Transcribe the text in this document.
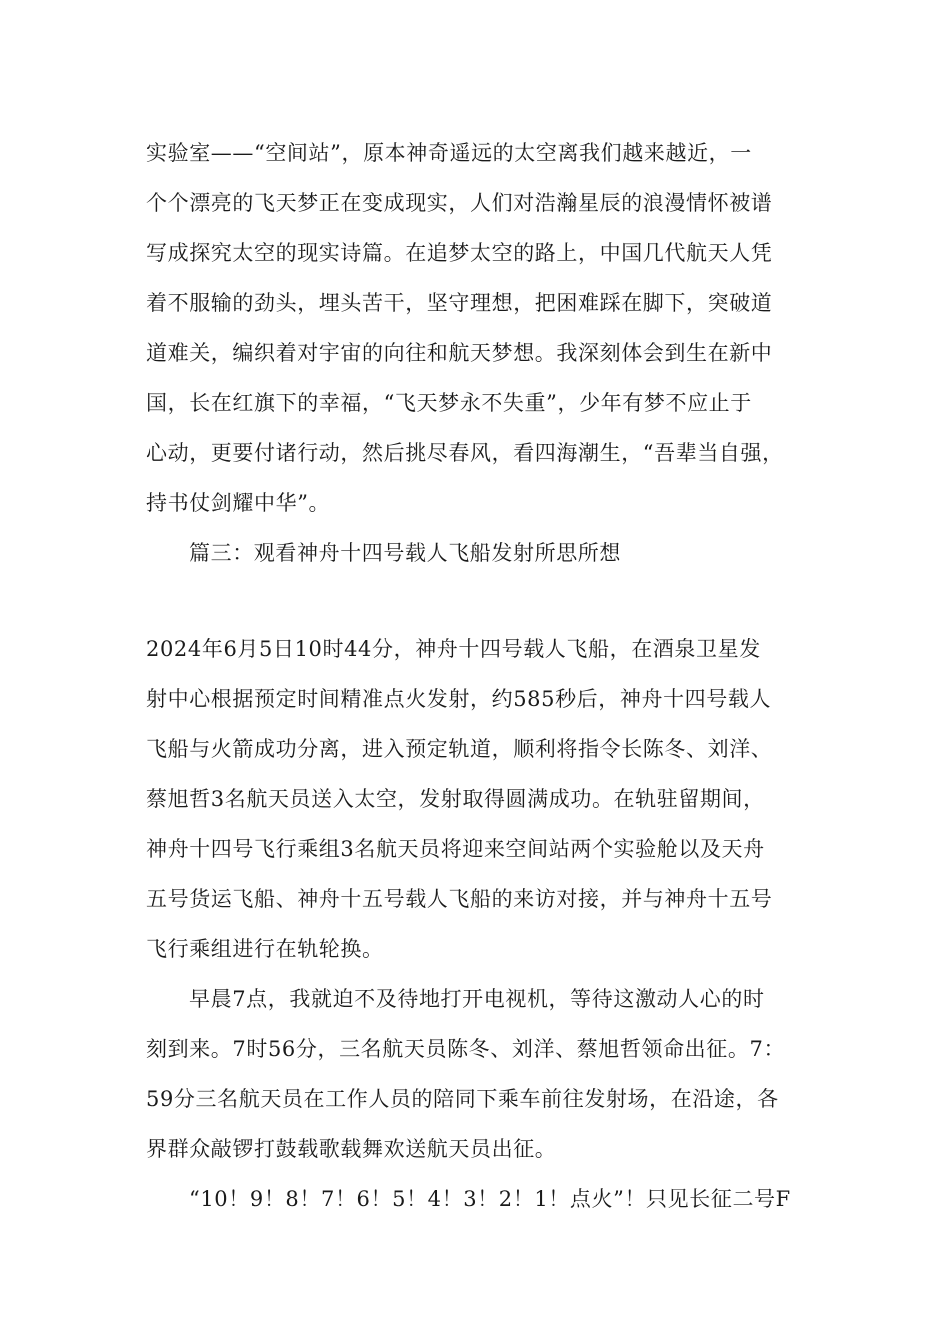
实验室——“空间站”，原本神奇遥远的太空离我们越来越近，一
个个漂亮的飞天梦正在变成现实，人们对浩瀚星辰的浪漫情怀被谱
写成探究太空的现实诗篇。在追梦太空的路上，中国几代航天人凭
着不服输的劲头，埋头苦干，坚守理想，把困难踩在脚下，突破道
道难关，编织着对宇宙的向往和航天梦想。我深刻体会到生在新中
国，长在红旗下的幸福，“飞天梦永不失重”，少年有梦不应止于
心动，更要付诸行动，然后挑尽春风，看四海潮生，“吾辈当自强，
持书仗剑耀中华”。
篇三：观看神舟十四号载人飞船发射所思所想
2024年6月5日10时44分，神舟十四号载人飞船，在酒泉卫星发
射中心根据预定时间精准点火发射，约585秒后，神舟十四号载人
飞船与火箭成功分离，进入预定轨道，顺利将指令长陈冬、刘洋、
蔡旭哲3名航天员送入太空，发射取得圆满成功。在轨驻留期间，
神舟十四号飞行乘组3名航天员将迎来空间站两个实验舱以及天舟
五号货运飞船、神舟十五号载人飞船的来访对接，并与神舟十五号
飞行乘组进行在轨轮换。
早晨7点，我就迫不及待地打开电视机，等待这激动人心的时
刻到来。7时56分，三名航天员陈冬、刘洋、蔡旭哲领命出征。7：
59分三名航天员在工作人员的陪同下乘车前往发射场，在沿途，各
界群众敲锣打鼓载歌载舞欢送航天员出征。
“10！9！8！7！6！5！4！3！2！1！点火”！只见长征二号F
